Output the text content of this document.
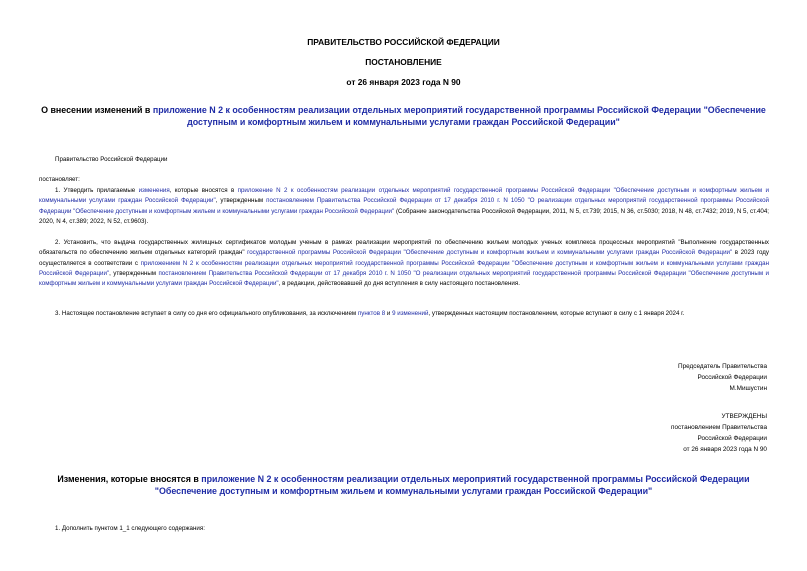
ПРАВИТЕЛЬСТВО РОССИЙСКОЙ ФЕДЕРАЦИИ
ПОСТАНОВЛЕНИЕ
от 26 января 2023 года N 90
О внесении изменений в приложение N 2 к особенностям реализации отдельных мероприятий государственной программы Российской Федерации "Обеспечение доступным и комфортным жильем и коммунальными услугами граждан Российской Федерации"

Правительство Российской Федерации

постановляет:

1. Утвердить прилагаемые изменения, которые вносятся в приложение N 2 к особенностям реализации отдельных мероприятий государственной программы Российской Федерации "Обеспечение доступным и комфортным жильем и коммунальными услугами граждан Российской Федерации", утвержденным постановлением Правительства Российской Федерации от 17 декабря 2010 г. N 1050 "О реализации отдельных мероприятий государственной программы Российской Федерации "Обеспечение доступным и комфортным жильем и коммунальными услугами граждан Российской Федерации" (Собрание законодательства Российской Федерации, 2011, N 5, ст.739; 2015, N 36, ст.5030; 2018, N 48, ст.7432; 2019, N 5, ст.404; 2020, N 4, ст.389; 2022, N 52, ст.9603).

2. Установить, что выдача государственных жилищных сертификатов молодым ученым в рамках реализации мероприятий по обеспечению жильем молодых ученых комплекса процессных мероприятий "Выполнение государственных обязательств по обеспечению жильем отдельных категорий граждан" государственной программы Российской Федерации "Обеспечение доступным и комфортным жильем и коммунальными услугами граждан Российской Федерации" в 2023 году осуществляется в соответствии с приложением N 2 к особенностям реализации отдельных мероприятий государственной программы Российской Федерации "Обеспечение доступным и комфортным жильем и коммунальными услугами граждан Российской Федерации", утвержденным постановлением Правительства Российской Федерации от 17 декабря 2010 г. N 1050 "О реализации отдельных мероприятий государственной программы Российской Федерации "Обеспечение доступным и комфортным жильем и коммунальными услугами граждан Российской Федерации", в редакции, действовавшей до дня вступления в силу настоящего постановления.

3. Настоящее постановление вступает в силу со дня его официального опубликования, за исключением пунктов 8 и 9 изменений, утвержденных настоящим постановлением, которые вступают в силу с 1 января 2024 г.

Председатель Правительства
Российской Федерации
М.Мишустин
УТВЕРЖДЕНЫ
постановлением Правительства
Российской Федерации
от 26 января 2023 года N 90
Изменения, которые вносятся в приложение N 2 к особенностям реализации отдельных мероприятий государственной программы Российской Федерации "Обеспечение доступным и комфортным жильем и коммунальными услугами граждан Российской Федерации"

1. Дополнить пунктом 1_1 следующего содержания:
